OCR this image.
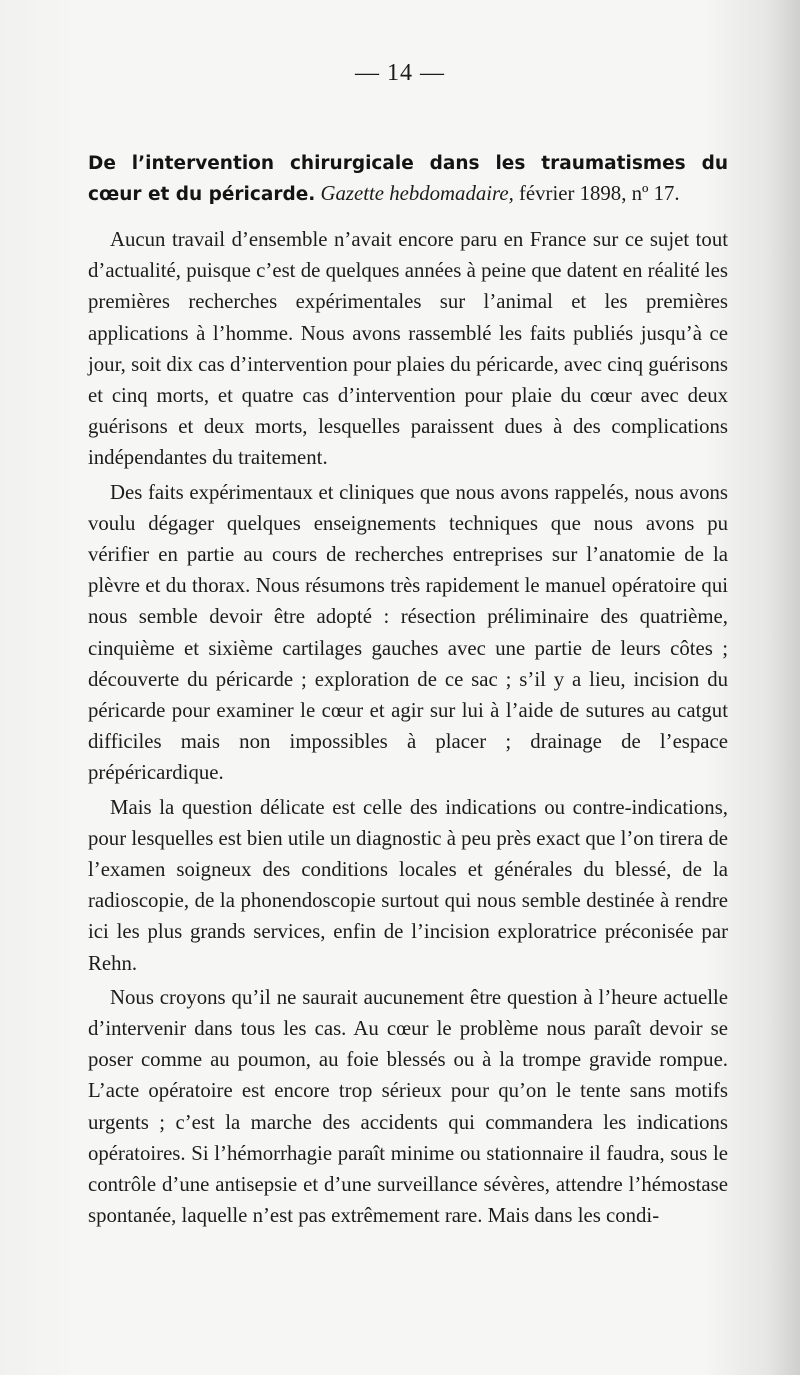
— 14 —

De l’intervention chirurgicale dans les traumatismes du cœur et du péricarde. Gazette hebdomadaire, février 1898, nº 17.

Aucun travail d’ensemble n’avait encore paru en France sur ce sujet tout d’actualité, puisque c’est de quelques années à peine que datent en réalité les premières recherches expérimentales sur l’animal et les premières applications à l’homme. Nous avons rassemblé les faits publiés jusqu’à ce jour, soit dix cas d’intervention pour plaies du péricarde, avec cinq guérisons et cinq morts, et quatre cas d’intervention pour plaie du cœur avec deux guérisons et deux morts, lesquelles paraissent dues à des complications indépendantes du traitement.

Des faits expérimentaux et cliniques que nous avons rappelés, nous avons voulu dégager quelques enseignements techniques que nous avons pu vérifier en partie au cours de recherches entreprises sur l’anatomie de la plèvre et du thorax. Nous résumons très rapidement le manuel opératoire qui nous semble devoir être adopté : résection préliminaire des quatrième, cinquième et sixième cartilages gauches avec une partie de leurs côtes ; découverte du péricarde ; exploration de ce sac ; s’il y a lieu, incision du péricarde pour examiner le cœur et agir sur lui à l’aide de sutures au catgut difficiles mais non impossibles à placer ; drainage de l’espace prépéricardique.

Mais la question délicate est celle des indications ou contre-indications, pour lesquelles est bien utile un diagnostic à peu près exact que l’on tirera de l’examen soigneux des conditions locales et générales du blessé, de la radioscopie, de la phonendoscopie surtout qui nous semble destinée à rendre ici les plus grands services, enfin de l’incision exploratrice préconisée par Rehn.

Nous croyons qu’il ne saurait aucunement être question à l’heure actuelle d’intervenir dans tous les cas. Au cœur le problème nous paraît devoir se poser comme au poumon, au foie blessés ou à la trompe gravide rompue. L’acte opératoire est encore trop sérieux pour qu’on le tente sans motifs urgents ; c’est la marche des accidents qui commandera les indications opératoires. Si l’hémorrhagie paraît minime ou stationnaire il faudra, sous le contrôle d’une antisepsie et d’une surveillance sévères, attendre l’hémostase spontanée, laquelle n’est pas extrêmement rare. Mais dans les condi-
